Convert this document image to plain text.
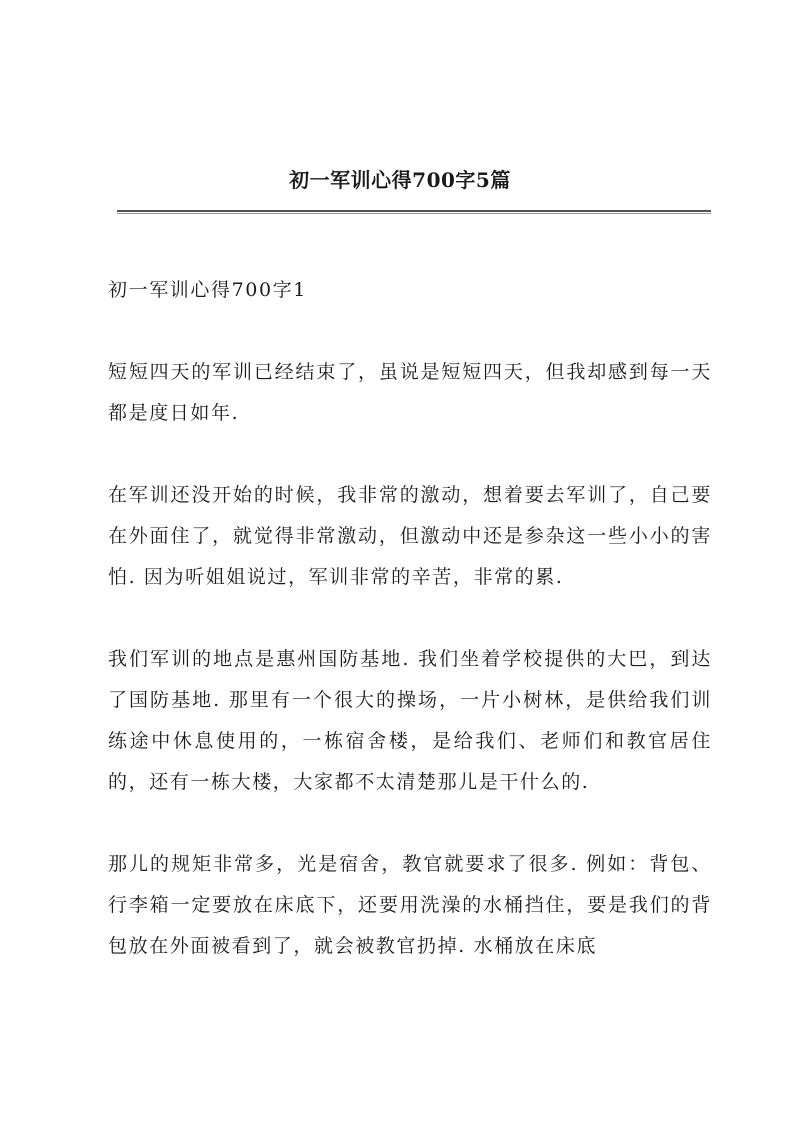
初一军训心得700字5篇

初一军训心得700字1

短短四天的军训已经结束了，虽说是短短四天，但我却感到每一天都是度日如年.

在军训还没开始的时候，我非常的激动，想着要去军训了，自己要在外面住了，就觉得非常激动，但激动中还是参杂这一些小小的害怕. 因为听姐姐说过，军训非常的辛苦，非常的累.

我们军训的地点是惠州国防基地. 我们坐着学校提供的大巴，到达了国防基地. 那里有一个很大的操场，一片小树林，是供给我们训练途中休息使用的，一栋宿舍楼，是给我们、老师们和教官居住的，还有一栋大楼，大家都不太清楚那儿是干什么的.

那儿的规矩非常多，光是宿舍，教官就要求了很多. 例如：背包、行李箱一定要放在床底下，还要用洗澡的水桶挡住，要是我们的背包放在外面被看到了，就会被教官扔掉. 水桶放在床底
